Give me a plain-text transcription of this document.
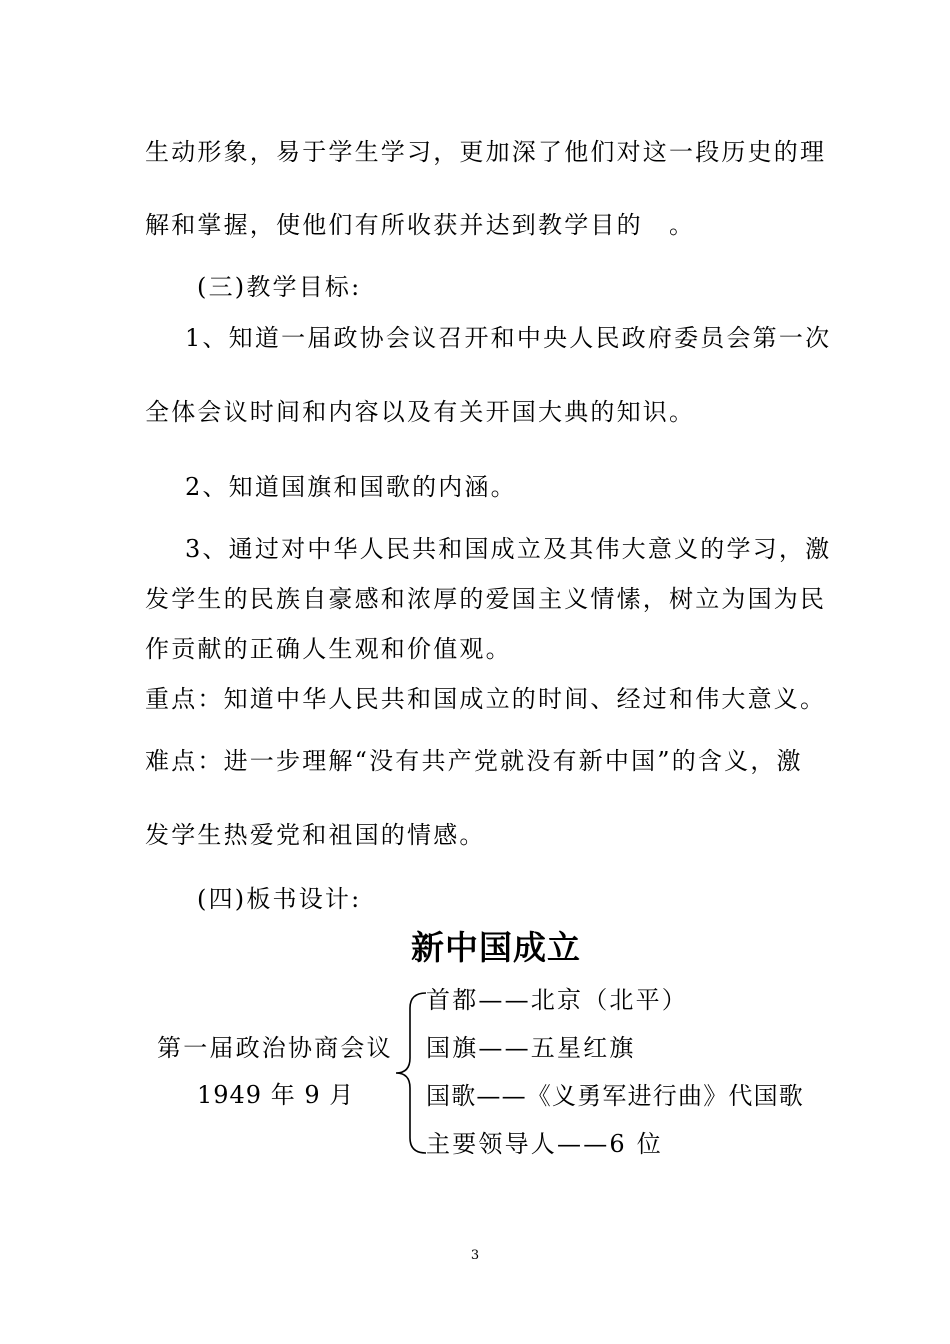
生动形象，易于学生学习，更加深了他们对这一段历史的理
解和掌握，使他们有所收获并达到教学目的　。
(三)教学目标:
1、知道一届政协会议召开和中央人民政府委员会第一次
全体会议时间和内容以及有关开国大典的知识。
2、知道国旗和国歌的内涵。
3、通过对中华人民共和国成立及其伟大意义的学习，激
发学生的民族自豪感和浓厚的爱国主义情愫，树立为国为民
作贡献的正确人生观和价值观。
重点：知道中华人民共和国成立的时间、经过和伟大意义。
难点：进一步理解“没有共产党就没有新中国”的含义，激
发学生热爱党和祖国的情感。
(四)板书设计:
新中国成立
第一届政治协商会议
1949 年 9 月
首都——北京（北平）
国旗——五星红旗
国歌——《义勇军进行曲》代国歌
主要领导人——6 位
3
